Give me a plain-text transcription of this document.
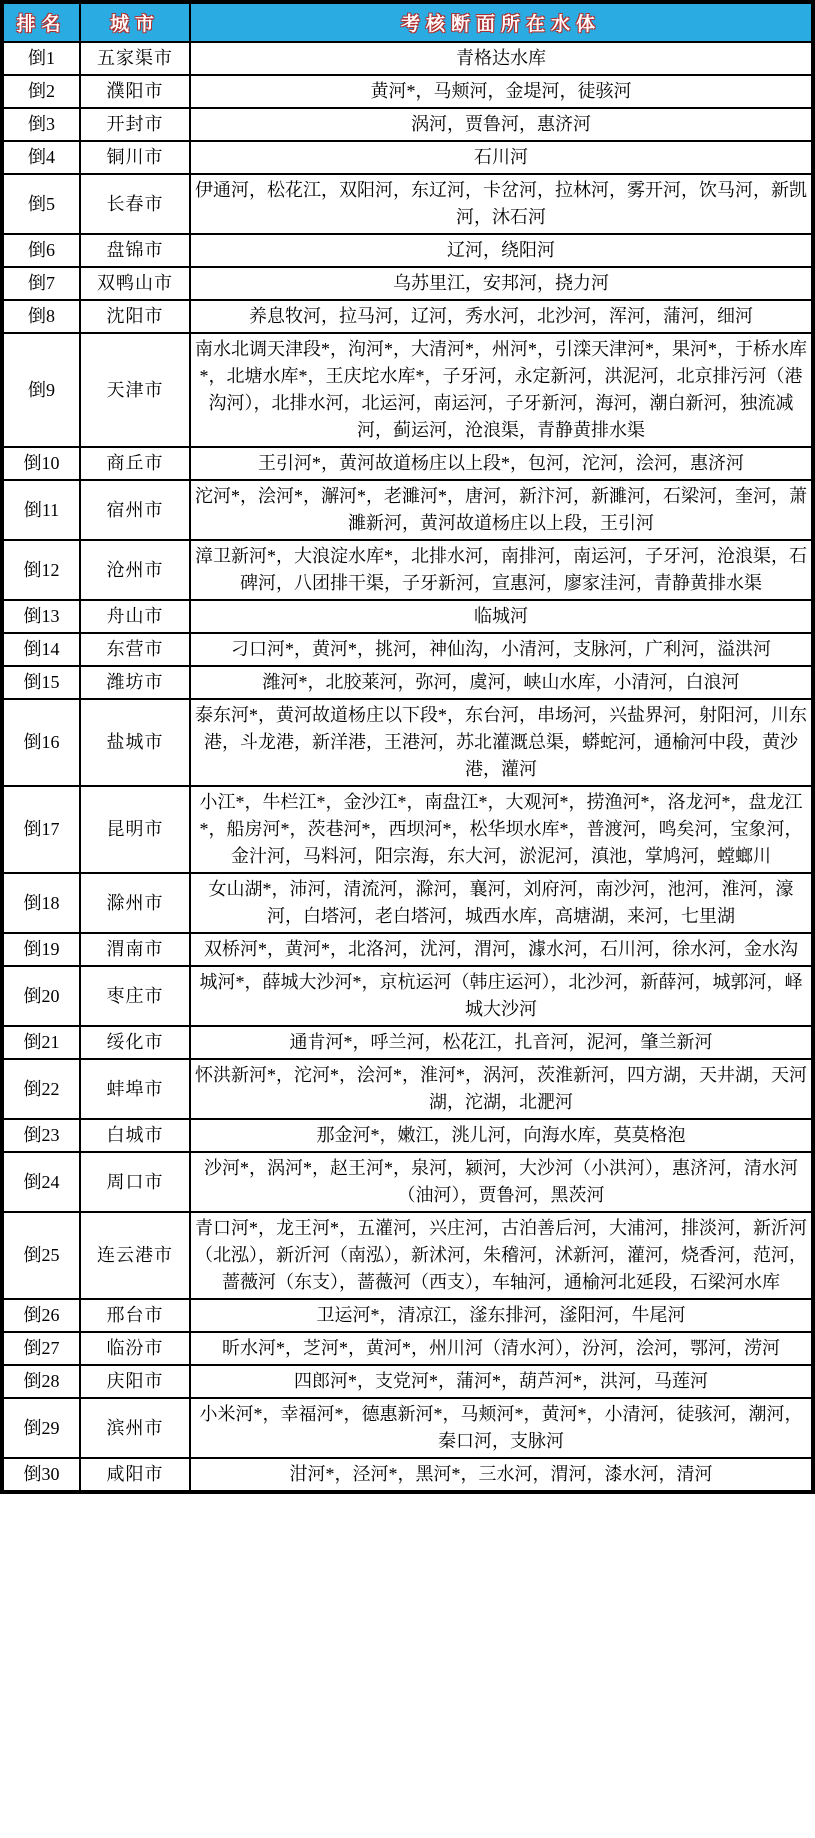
排名	城市	考核断面所在水体
倒1	五家渠市	青格达水库
倒2	濮阳市	黄河*，马颊河，金堤河，徒骇河
倒3	开封市	涡河，贾鲁河，惠济河
倒4	铜川市	石川河
倒5	长春市	伊通河，松花江，双阳河，东辽河，卡岔河，拉林河，雾开河，饮马河，新凯河，沐石河
倒6	盘锦市	辽河，绕阳河
倒7	双鸭山市	乌苏里江，安邦河，挠力河
倒8	沈阳市	养息牧河，拉马河，辽河，秀水河，北沙河，浑河，蒲河，细河
倒9	天津市	南水北调天津段*，泃河*，大清河*，州河*，引滦天津河*，果河*，于桥水库*，北塘水库*，王庆坨水库*，子牙河，永定新河，洪泥河，北京排污河（港沟河），北排水河，北运河，南运河，子牙新河，海河，潮白新河，独流减河，蓟运河，沧浪渠，青静黄排水渠
倒10	商丘市	王引河*，黄河故道杨庄以上段*，包河，沱河，浍河，惠济河
倒11	宿州市	沱河*，浍河*，澥河*，老濉河*，唐河，新汴河，新濉河，石梁河，奎河，萧濉新河，黄河故道杨庄以上段，王引河
倒12	沧州市	漳卫新河*，大浪淀水库*，北排水河，南排河，南运河，子牙河，沧浪渠，石碑河，八团排干渠，子牙新河，宣惠河，廖家洼河，青静黄排水渠
倒13	舟山市	临城河
倒14	东营市	刁口河*，黄河*，挑河，神仙沟，小清河，支脉河，广利河，溢洪河
倒15	潍坊市	潍河*，北胶莱河，弥河，虞河，峡山水库，小清河，白浪河
倒16	盐城市	泰东河*，黄河故道杨庄以下段*，东台河，串场河，兴盐界河，射阳河，川东港，斗龙港，新洋港，王港河，苏北灌溉总渠，蟒蛇河，通榆河中段，黄沙港，灌河
倒17	昆明市	小江*，牛栏江*，金沙江*，南盘江*，大观河*，捞渔河*，洛龙河*，盘龙江*，船房河*，茨巷河*，西坝河*，松华坝水库*，普渡河，鸣矣河，宝象河，金汁河，马料河，阳宗海，东大河，淤泥河，滇池，掌鸠河，螳螂川
倒18	滁州市	女山湖*，沛河，清流河，滁河，襄河，刘府河，南沙河，池河，淮河，濠河，白塔河，老白塔河，城西水库，高塘湖，来河，七里湖
倒19	渭南市	双桥河*，黄河*，北洛河，沋河，渭河，澽水河，石川河，徐水河，金水沟
倒20	枣庄市	城河*，薛城大沙河*，京杭运河（韩庄运河），北沙河，新薛河，城郭河，峄城大沙河
倒21	绥化市	通肯河*，呼兰河，松花江，扎音河，泥河，肇兰新河
倒22	蚌埠市	怀洪新河*，沱河*，浍河*，淮河*，涡河，茨淮新河，四方湖，天井湖，天河湖，沱湖，北淝河
倒23	白城市	那金河*，嫩江，洮儿河，向海水库，莫莫格泡
倒24	周口市	沙河*，涡河*，赵王河*，泉河，颍河，大沙河（小洪河），惠济河，清水河（油河），贾鲁河，黑茨河
倒25	连云港市	青口河*，龙王河*，五灌河，兴庄河，古泊善后河，大浦河，排淡河，新沂河（北泓），新沂河（南泓），新沭河，朱稽河，沭新河，灌河，烧香河，范河，蔷薇河（东支），蔷薇河（西支），车轴河，通榆河北延段，石梁河水库
倒26	邢台市	卫运河*，清凉江，滏东排河，滏阳河，牛尾河
倒27	临汾市	昕水河*，芝河*，黄河*，州川河（清水河），汾河，浍河，鄂河，涝河
倒28	庆阳市	四郎河*，支党河*，蒲河*，葫芦河*，洪河，马莲河
倒29	滨州市	小米河*，幸福河*，德惠新河*，马颊河*，黄河*，小清河，徒骇河，潮河，秦口河，支脉河
倒30	咸阳市	泔河*，泾河*，黑河*，三水河，渭河，漆水河，清河
